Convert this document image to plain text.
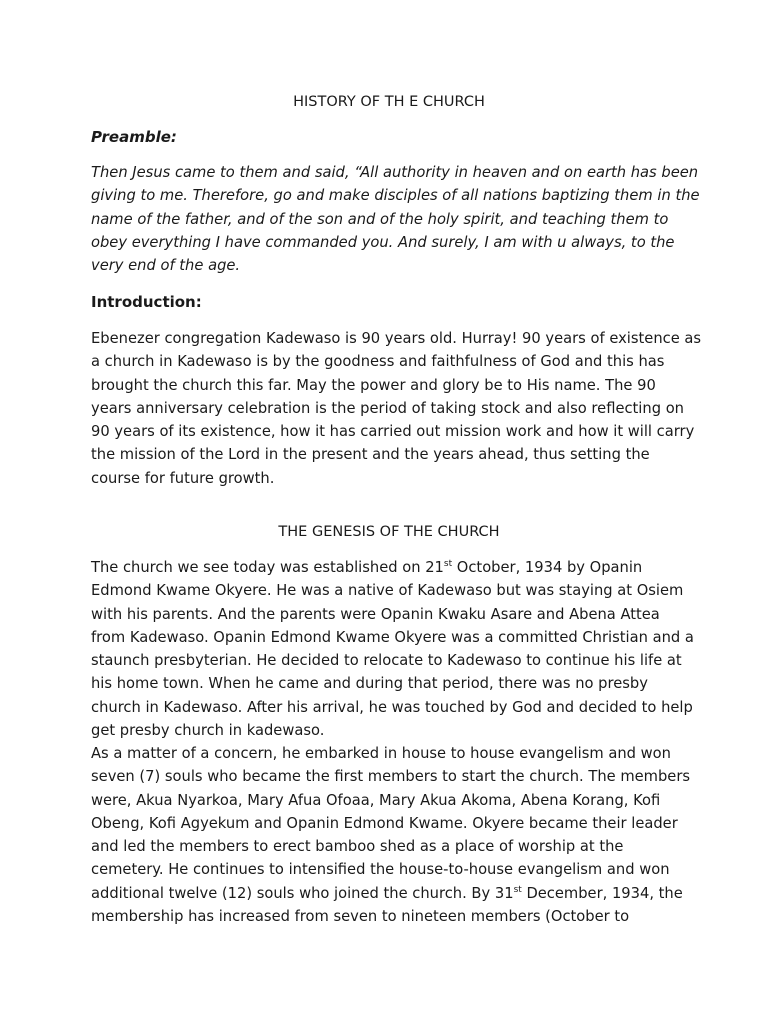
HISTORY OF TH E CHURCH
Preamble:
Then Jesus came to them and said, “All authority in heaven and on earth has been
giving to me. Therefore, go and make disciples of all nations baptizing them in the
name of the father, and of the son and of the holy spirit, and teaching them to
obey everything I have commanded you. And surely, I am with u always, to the
very end of the age.
Introduction:
Ebenezer congregation Kadewaso is 90 years old. Hurray! 90 years of existence as
a church in Kadewaso is by the goodness and faithfulness of God and this has
brought the church this far. May the power and glory be to His name. The 90
years anniversary celebration is the period of taking stock and also reflecting on
90 years of its existence, how it has carried out mission work and how it will carry
the mission of the Lord in the present and the years ahead, thus setting the
course for future growth.
THE GENESIS OF THE CHURCH
The church we see today was established on 21st October, 1934 by Opanin
Edmond Kwame Okyere. He was a native of Kadewaso but was staying at Osiem
with his parents. And the parents were Opanin Kwaku Asare and Abena Attea
from Kadewaso. Opanin Edmond Kwame Okyere was a committed Christian and a
staunch presbyterian. He decided to relocate to Kadewaso to continue his life at
his home town. When he came and during that period, there was no presby
church in Kadewaso. After his arrival, he was touched by God and decided to help
get presby church in kadewaso.
As a matter of a concern, he embarked in house to house evangelism and won
seven (7) souls who became the first members to start the church. The members
were, Akua Nyarkoa, Mary Afua Ofoaa, Mary Akua Akoma, Abena Korang, Kofi
Obeng, Kofi Agyekum and Opanin Edmond Kwame. Okyere became their leader
and led the members to erect bamboo shed as a place of worship at the
cemetery. He continues to intensified the house-to-house evangelism and won
additional twelve (12) souls who joined the church. By 31st December, 1934, the
membership has increased from seven to nineteen members (October to
